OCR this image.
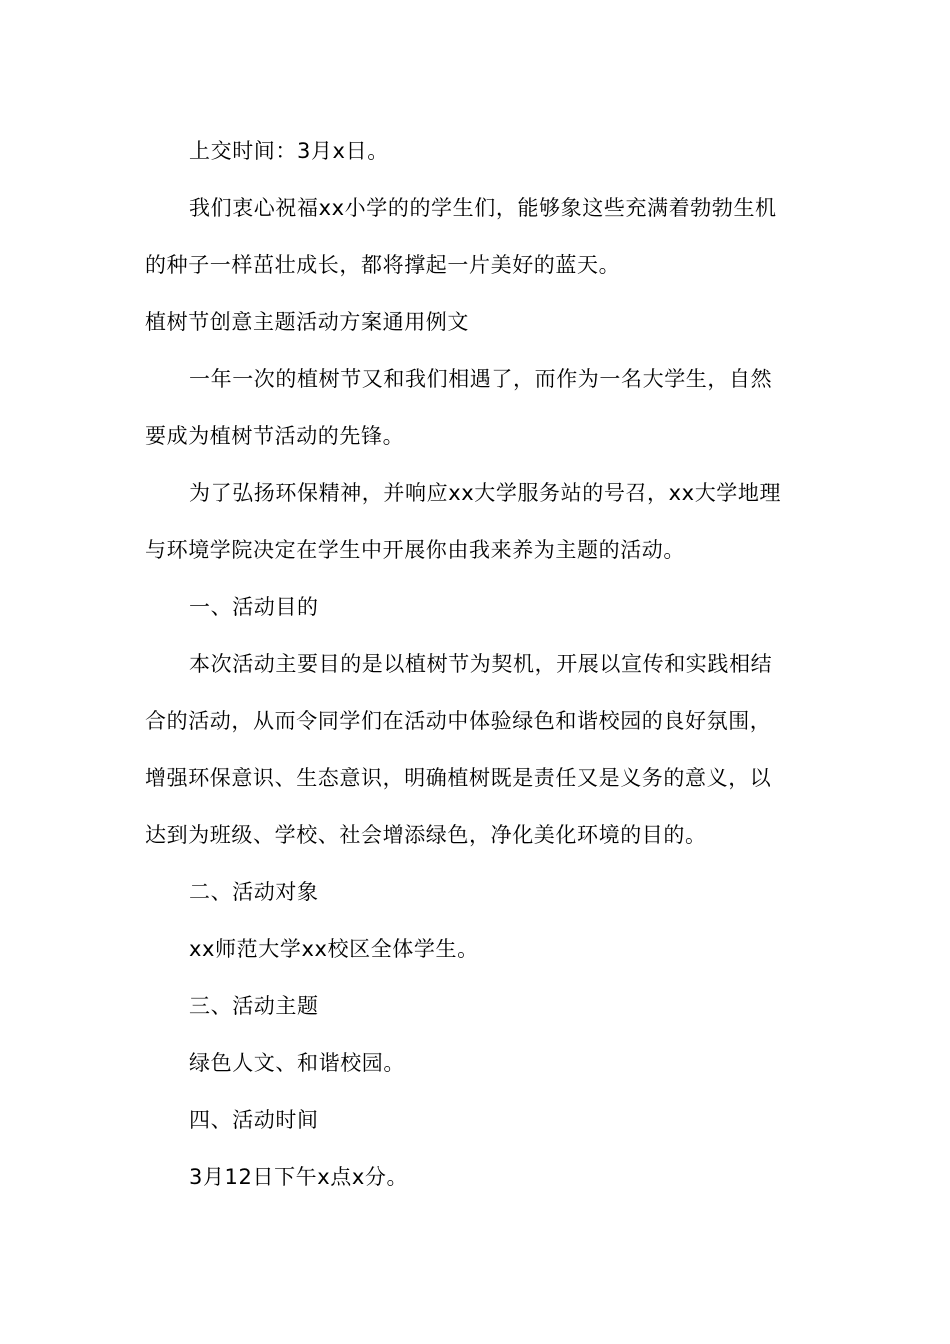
上交时间：3月x日。
我们衷心祝福xx小学的的学生们，能够象这些充满着勃勃生机
的种子一样茁壮成长，都将撑起一片美好的蓝天。
植树节创意主题活动方案通用例文
一年一次的植树节又和我们相遇了，而作为一名大学生，自然
要成为植树节活动的先锋。
为了弘扬环保精神，并响应xx大学服务站的号召，xx大学地理
与环境学院决定在学生中开展你由我来养为主题的活动。
一、活动目的
本次活动主要目的是以植树节为契机，开展以宣传和实践相结
合的活动，从而令同学们在活动中体验绿色和谐校园的良好氛围，
增强环保意识、生态意识，明确植树既是责任又是义务的意义，以
达到为班级、学校、社会增添绿色，净化美化环境的目的。
二、活动对象
xx师范大学xx校区全体学生。
三、活动主题
绿色人文、和谐校园。
四、活动时间
3月12日下午x点x分。
